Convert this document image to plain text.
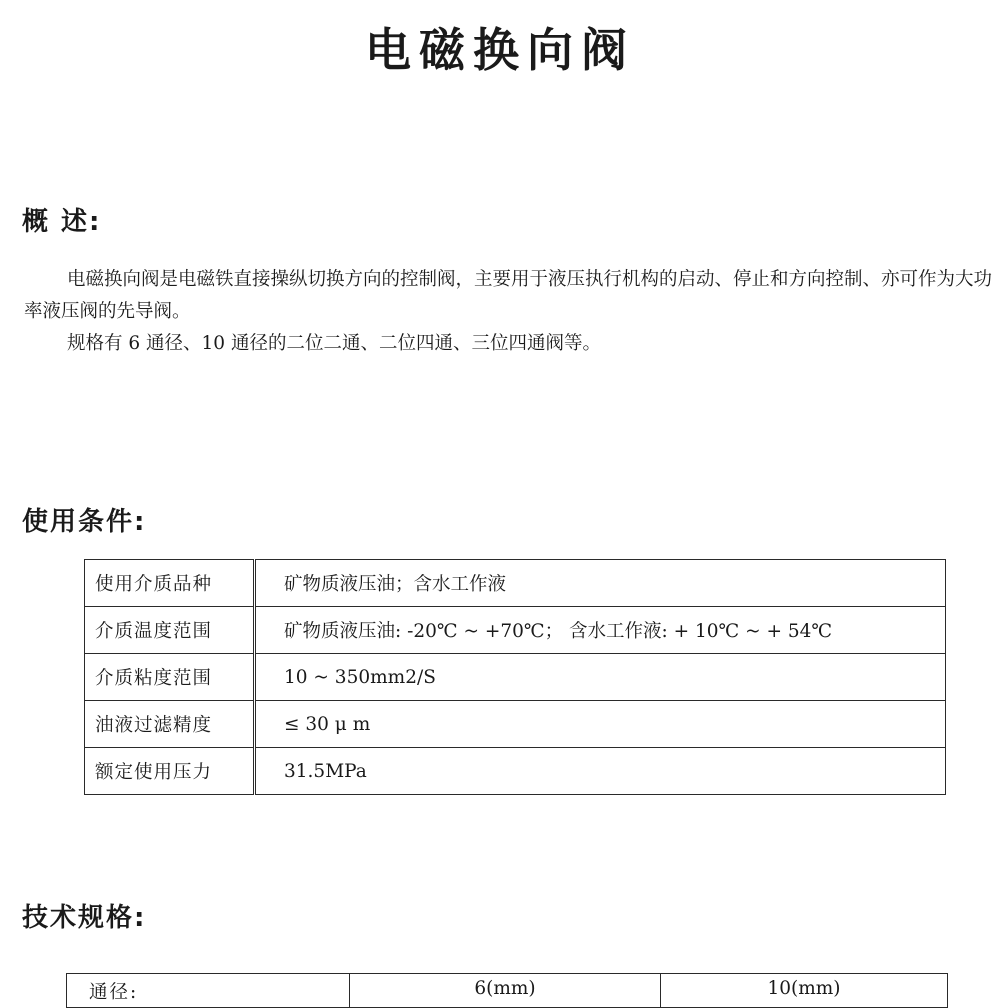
电磁换向阀
概 述:

电磁换向阀是电磁铁直接操纵切换方向的控制阀，主要用于液压执行机构的启动、停止和方向控制、亦可作为大功率液压阀的先导阀。

规格有 6 通径、10 通径的二位二通、二位四通、三位四通阀等。

使用条件:
使用介质品种	矿物质液压油；含水工作液
介质温度范围	矿物质液压油: -20℃ ~ +70℃； 含水工作液: + 10℃ ~ + 54℃
介质粘度范围	10 ~ 350mm2/S
油液过滤精度	≤ 30 μ m
额定使用压力	31.5MPa
技术规格:
通径:	6(mm)	10(mm)
